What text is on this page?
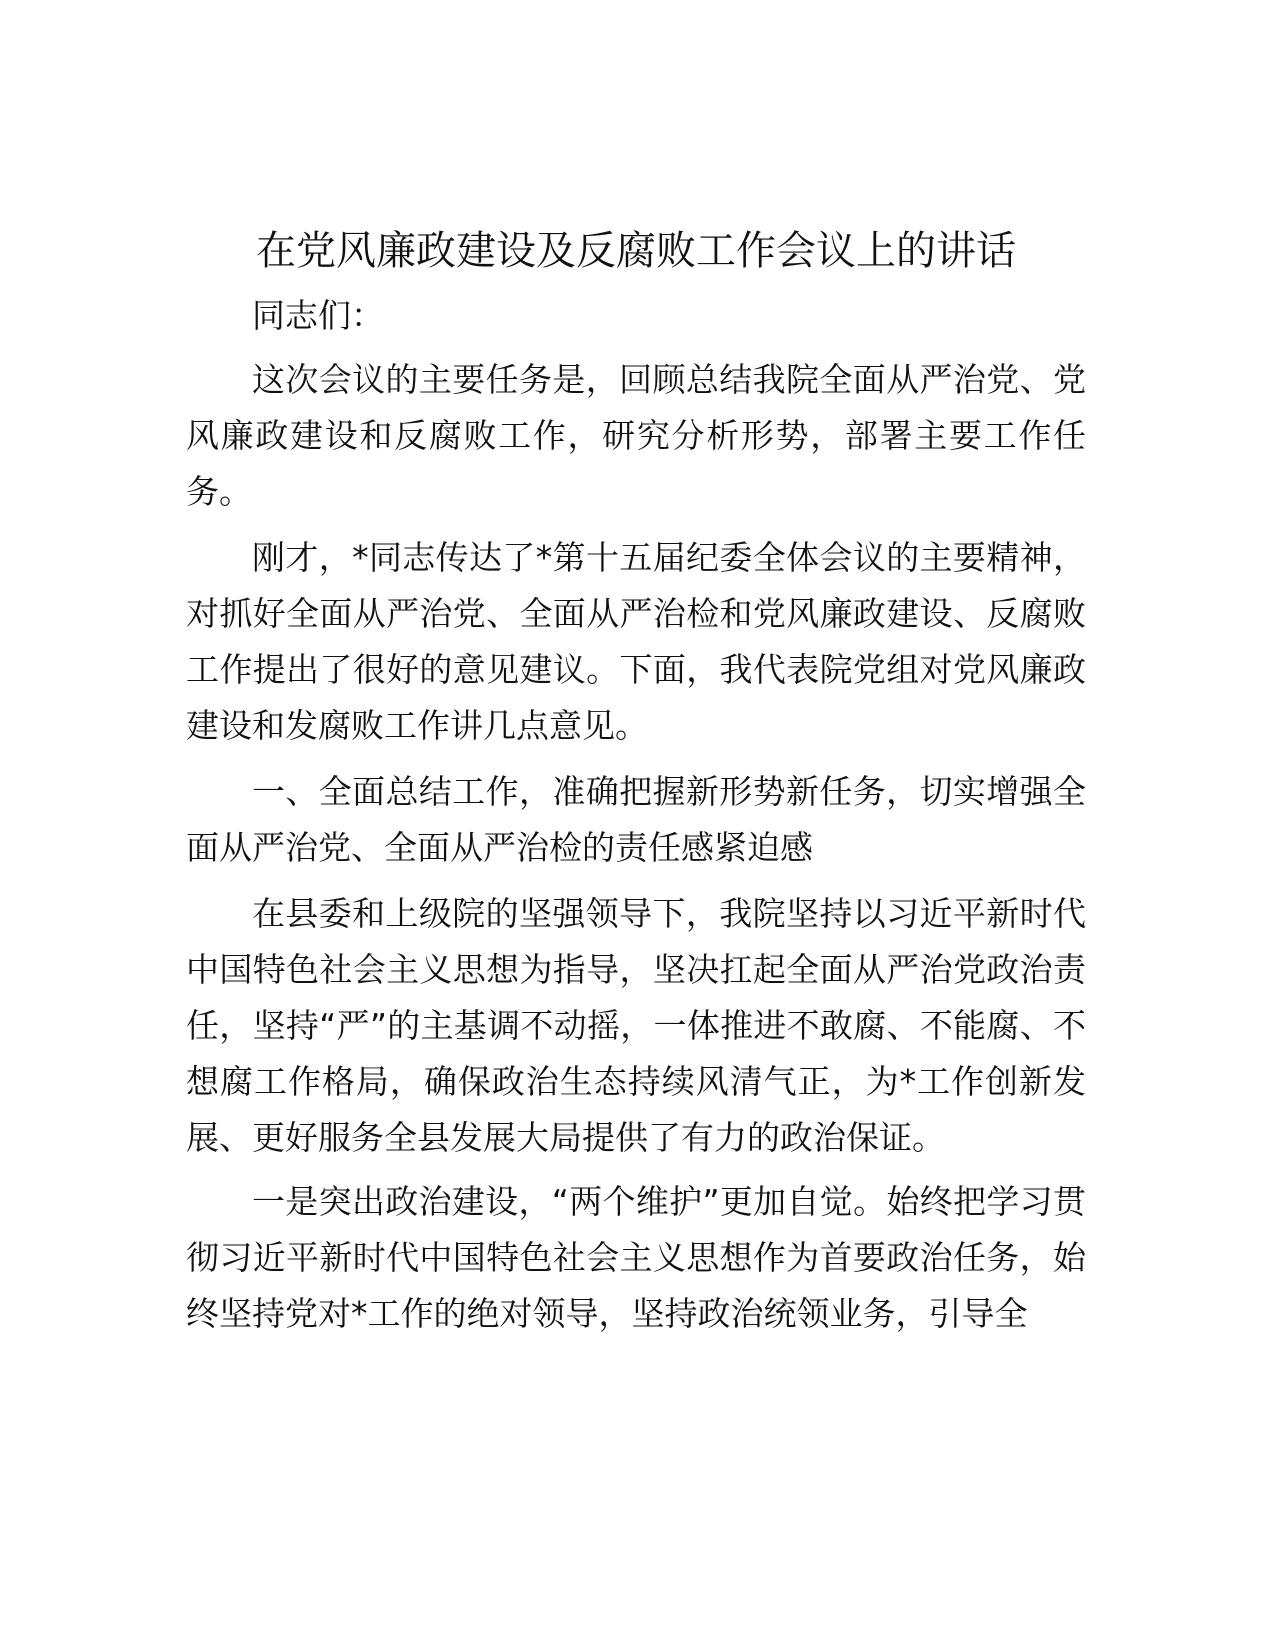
在党风廉政建设及反腐败工作会议上的讲话

同志们：

这次会议的主要任务是，回顾总结我院全面从严治党、党风廉政建设和反腐败工作，研究分析形势，部署主要工作任务。

刚才，*同志传达了*第十五届纪委全体会议的主要精神，对抓好全面从严治党、全面从严治检和党风廉政建设、反腐败工作提出了很好的意见建议。下面，我代表院党组对党风廉政建设和发腐败工作讲几点意见。

一、全面总结工作，准确把握新形势新任务，切实增强全面从严治党、全面从严治检的责任感紧迫感

在县委和上级院的坚强领导下，我院坚持以习近平新时代中国特色社会主义思想为指导，坚决扛起全面从严治党政治责任，坚持“严”的主基调不动摇，一体推进不敢腐、不能腐、不想腐工作格局，确保政治生态持续风清气正，为*工作创新发展、更好服务全县发展大局提供了有力的政治保证。

一是突出政治建设，“两个维护”更加自觉。始终把学习贯彻习近平新时代中国特色社会主义思想作为首要政治任务，始终坚持党对*工作的绝对领导，坚持政治统领业务，引导全
